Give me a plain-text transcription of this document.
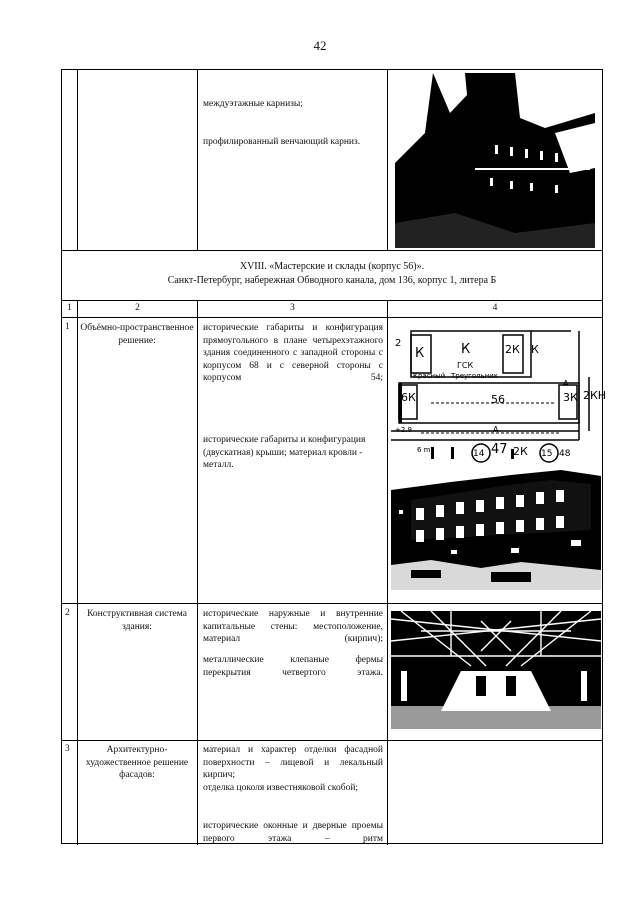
42
междуэтажные карнизы;
профилированный венчающий карниз.
XVIII. «Мастерские и склады (корпус 56)».
Санкт-Петербург, набережная Обводного канала, дом 136, корпус 1, литера Б
1	2	3	4
1 Объёмно-пространственное решение:
исторические габариты и конфигурация прямоугольного в плане четырехэтажного здания соединенного с западной стороны с корпусом 68 и с северной стороны с корпусом 54;
исторические габариты и конфигурация (двускатная) крыши; материал кровли - металл.
2
К	К
ГСК
2К К
Красный Треугольник
6К	56	3К 2КН
A
A
+2.9
6 m	14 47 2К 15 48
2	Конструктивная система здания:
исторические наружные и внутренние капитальные стены: местоположение, материал (кирпич);
металлические клепаные фермы перекрытия четвертого этажа.
3	Архитектурно-художественное решение фасадов:
материал и характер отделки фасадной поверхности – лицевой и лекальный кирпич;
отделка цоколя известняковой скобой;
исторические оконные и дверные проемы первого этажа – ритм
